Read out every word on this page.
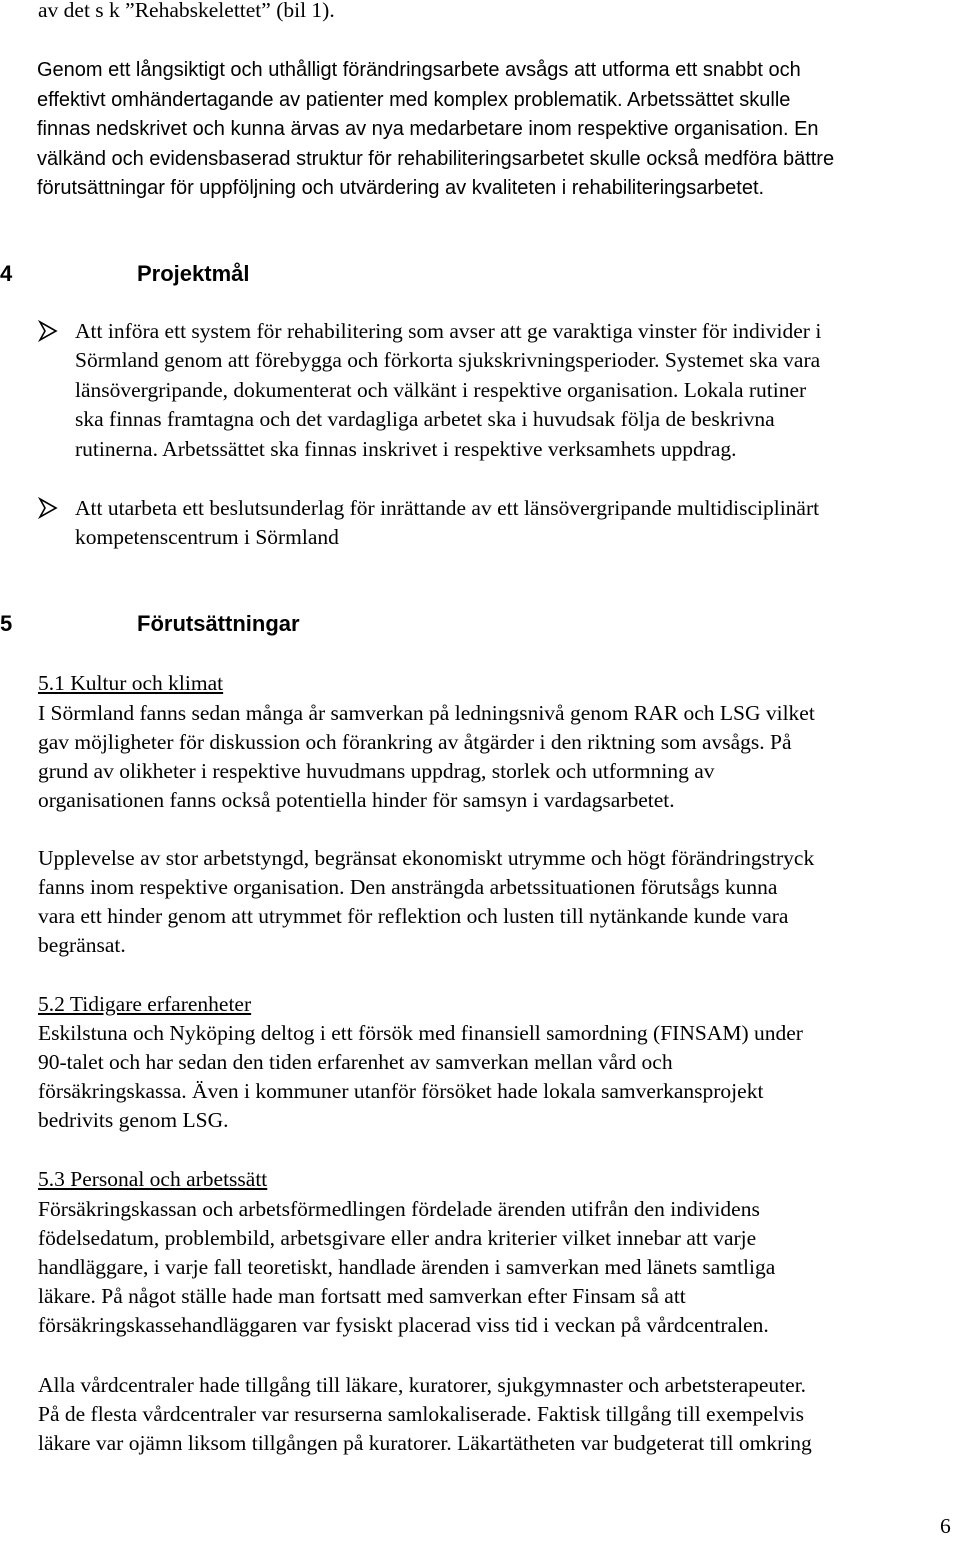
av det s k ”Rehabskelettet” (bil 1).
Genom ett långsiktigt och uthålligt förändringsarbete avsågs att utforma ett snabbt och
effektivt omhändertagande av patienter med komplex problematik. Arbetssättet skulle
finnas nedskrivet och kunna ärvas av nya medarbetare inom respektive organisation. En
välkänd och evidensbaserad struktur för rehabiliteringsarbetet skulle också medföra bättre
förutsättningar för uppföljning och utvärdering av kvaliteten i rehabiliteringsarbetet.
4	Projektmål
Att införa ett system för rehabilitering som avser att ge varaktiga vinster för individer i
Sörmland genom att förebygga och förkorta sjukskrivningsperioder. Systemet ska vara
länsövergripande, dokumenterat och välkänt i respektive organisation. Lokala rutiner
ska finnas framtagna och det vardagliga arbetet ska i huvudsak följa de beskrivna
rutinerna. Arbetssättet ska finnas inskrivet i respektive verksamhets uppdrag.
Att utarbeta ett beslutsunderlag för inrättande av ett länsövergripande multidisciplinärt
kompetenscentrum i Sörmland
5	Förutsättningar
5.1 Kultur och klimat
I Sörmland fanns sedan många år samverkan på ledningsnivå genom RAR och LSG vilket
gav möjligheter för diskussion och förankring av åtgärder i den riktning som avsågs. På
grund av olikheter i respektive huvudmans uppdrag, storlek och utformning av
organisationen fanns också potentiella hinder för samsyn i vardagsarbetet.
Upplevelse av stor arbetstyngd, begränsat ekonomiskt utrymme och högt förändringstryck
fanns inom respektive organisation. Den ansträngda arbetssituationen förutsågs kunna
vara ett hinder genom att utrymmet för reflektion och lusten till nytänkande kunde vara
begränsat.
5.2 Tidigare erfarenheter
Eskilstuna och Nyköping deltog i ett försök med finansiell samordning (FINSAM) under
90-talet och har sedan den tiden erfarenhet av samverkan mellan vård och
försäkringskassa. Även i kommuner utanför försöket hade lokala samverkansprojekt
bedrivits genom LSG.
5.3 Personal och arbetssätt
Försäkringskassan och arbetsförmedlingen fördelade ärenden utifrån den individens
födelsedatum, problembild, arbetsgivare eller andra kriterier vilket innebar att varje
handläggare, i varje fall teoretiskt, handlade ärenden i samverkan med länets samtliga
läkare. På något ställe hade man fortsatt med samverkan efter Finsam så att
försäkringskassehandläggaren var fysiskt placerad viss tid i veckan på vårdcentralen.
Alla vårdcentraler hade tillgång till läkare, kuratorer, sjukgymnaster och arbetsterapeuter.
På de flesta vårdcentraler var resurserna samlokaliserade. Faktisk tillgång till exempelvis
läkare var ojämn liksom tillgången på kuratorer. Läkartätheten var budgeterat till omkring
6
